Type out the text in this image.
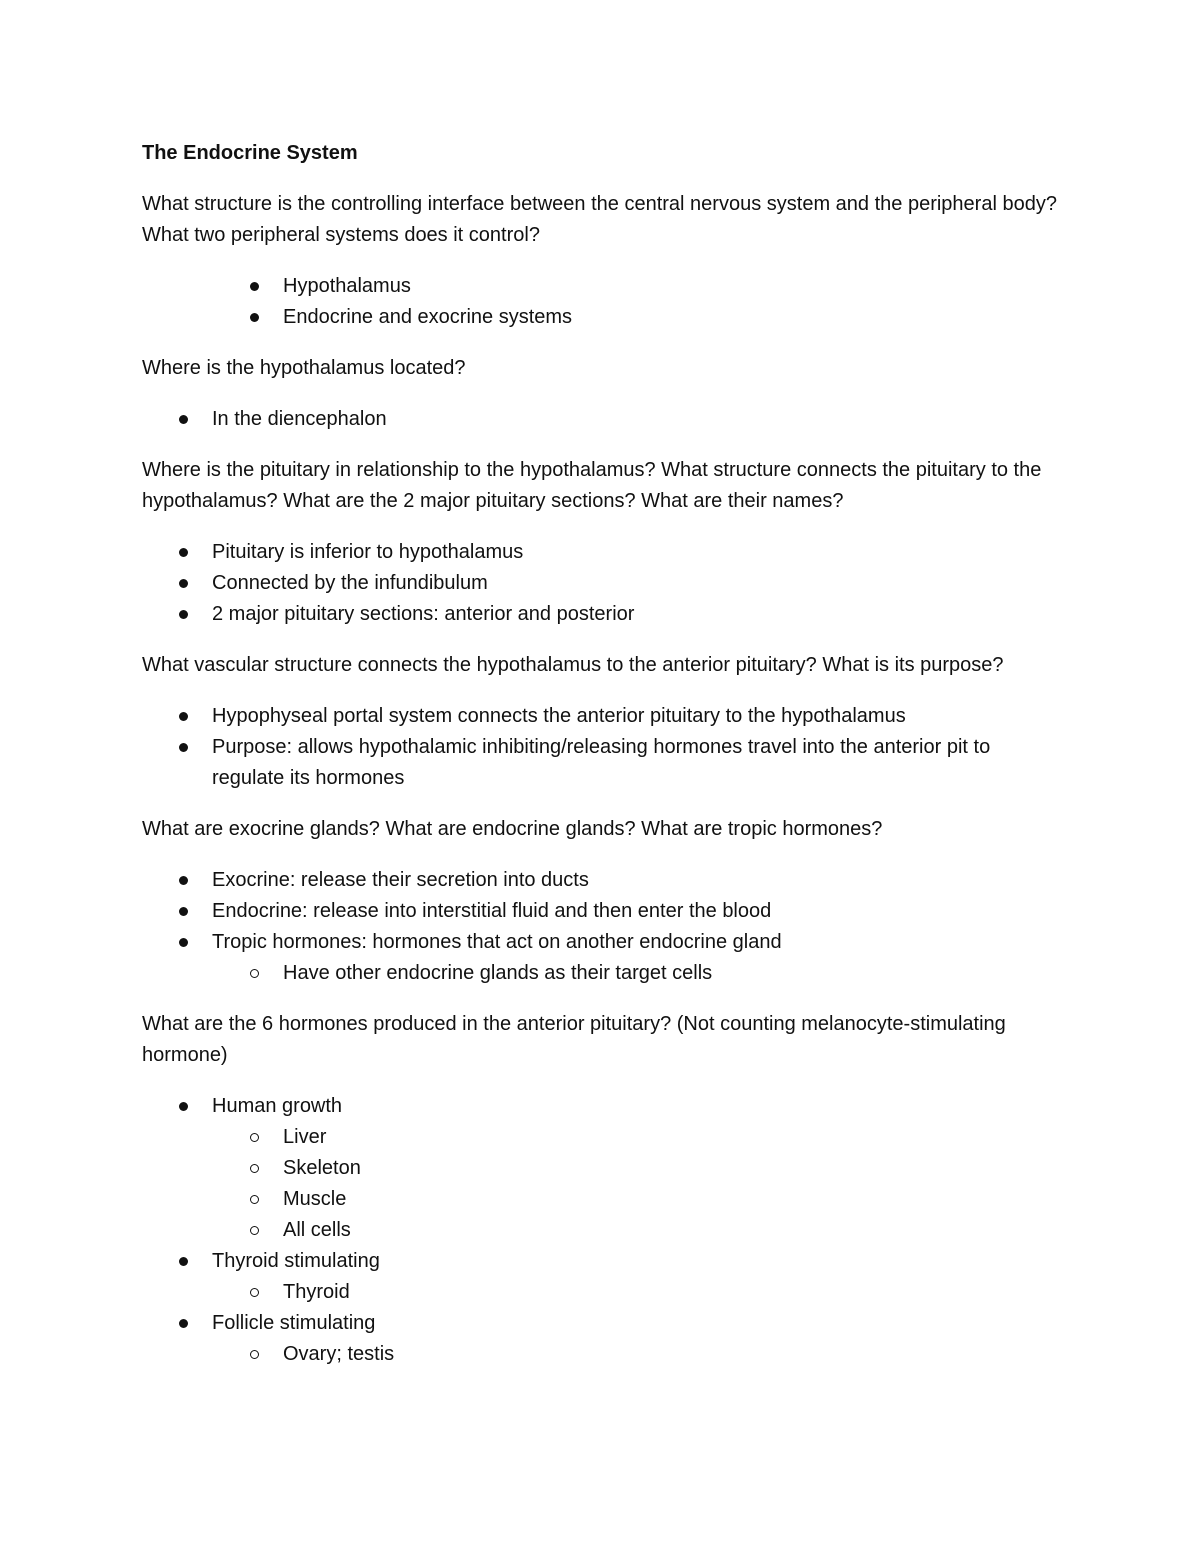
The Endocrine System
What structure is the controlling interface between the central nervous system and the peripheral body? What two peripheral systems does it control?
Hypothalamus
Endocrine and exocrine systems
Where is the hypothalamus located?
In the diencephalon
Where is the pituitary in relationship to the hypothalamus? What structure connects the pituitary to the hypothalamus? What are the 2 major pituitary sections? What are their names?
Pituitary is inferior to hypothalamus
Connected by the infundibulum
2 major pituitary sections: anterior and posterior
What vascular structure connects the hypothalamus to the anterior pituitary? What is its purpose?
Hypophyseal portal system connects the anterior pituitary to the hypothalamus
Purpose: allows hypothalamic inhibiting/releasing hormones travel into the anterior pit to regulate its hormones
What are exocrine glands? What are endocrine glands? What are tropic hormones?
Exocrine: release their secretion into ducts
Endocrine: release into interstitial fluid and then enter the blood
Tropic hormones: hormones that act on another endocrine gland
Have other endocrine glands as their target cells
What are the 6 hormones produced in the anterior pituitary? (Not counting melanocyte-stimulating hormone)
Human growth
Liver
Skeleton
Muscle
All cells
Thyroid stimulating
Thyroid
Follicle stimulating
Ovary; testis
